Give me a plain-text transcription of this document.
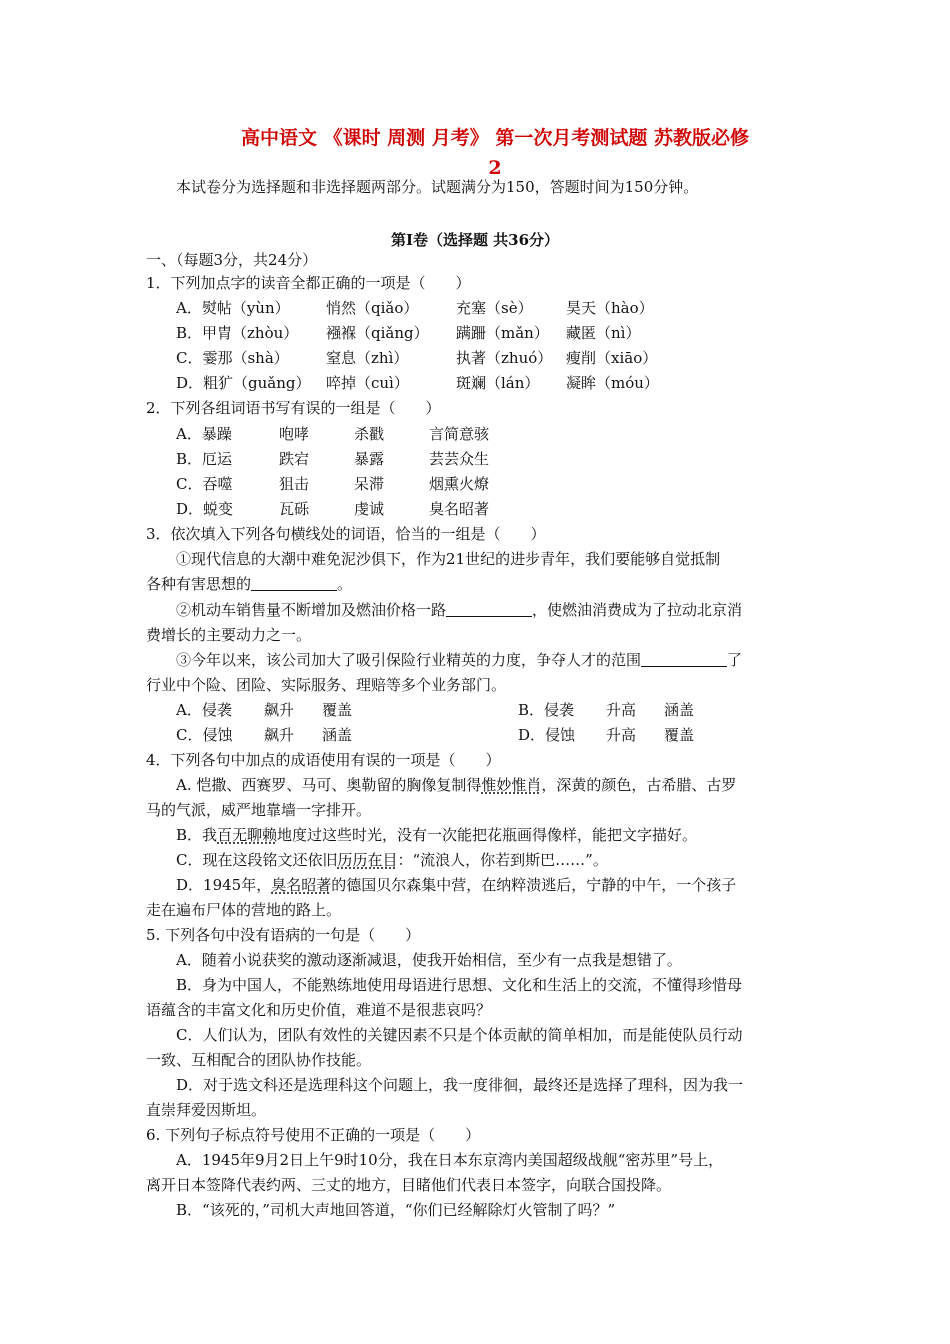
高中语文 《课时 周测 月考》 第一次月考测试题 苏教版必修
2
本试卷分为选择题和非选择题两部分。试题满分为150，答题时间为150分钟。
第Ⅰ卷（选择题 共36分）
一、（每题3分，共24分）
1．下列加点字的读音全都正确的一项是（　　）
A．熨帖（yùn） 悄然（qiǎo）	充塞（sè） 昊天（hào）
B．甲胄（zhòu） 襁褓（qiǎng） 蹒跚（mǎn） 藏匿（nì）
C．霎那（shà） 窒息（zhì）	执著（zhuó） 瘦削（xiāo）
D．粗犷（guǎng） 啐掉（cuì）	斑斓（lán） 凝眸（móu）
2．下列各组词语书写有误的一组是（　　）
A．暴躁	咆哮	杀戳	言简意骇
B．厄运	跌宕	暴露	芸芸众生
C．吞噬	狙击	呆滞	烟熏火燎
D．蜕变	瓦砾	虔诚	臭名昭著
3．依次填入下列各句横线处的词语，恰当的一组是（　　）
①现代信息的大潮中难免泥沙俱下，作为21世纪的进步青年，我们要能够自觉抵制
各种有害思想的	。
②机动车销售量不断增加及燃油价格一路	，使燃油消费成为了拉动北京消
费增长的主要动力之一。
③今年以来，该公司加大了吸引保险行业精英的力度，争夺人才的范围	了
行业中个险、团险、实际服务、理赔等多个业务部门。
A．侵袭 飙升 覆盖	B．侵袭 升高 涵盖
C．侵蚀 飙升 涵盖	D．侵蚀 升高 覆盖
4．下列各句中加点的成语使用有误的一项是（　　）
A. 恺撒、西赛罗、马可、奥勒留的胸像复制得惟妙惟肖，深黄的颜色，古希腊、古罗
马的气派，威严地靠墙一字排开。
B．我百无聊赖地度过这些时光，没有一次能把花瓶画得像样，能把文字描好。
C．现在这段铭文还依旧历历在目：“流浪人，你若到斯巴……”。
D．1945年，臭名昭著的德国贝尔森集中营，在纳粹溃逃后，宁静的中午，一个孩子
走在遍布尸体的营地的路上。
5. 下列各句中没有语病的一句是（　　）
A．随着小说获奖的激动逐渐减退，使我开始相信，至少有一点我是想错了。
B．身为中国人，不能熟练地使用母语进行思想、文化和生活上的交流，不懂得珍惜母
语蕴含的丰富文化和历史价值，难道不是很悲哀吗？
C．人们认为，团队有效性的关键因素不只是个体贡献的简单相加，而是能使队员行动
一致、互相配合的团队协作技能。
D．对于选文科还是选理科这个问题上，我一度徘徊，最终还是选择了理科，因为我一
直崇拜爱因斯坦。
6. 下列句子标点符号使用不正确的一项是（　　）
A．1945年9月2日上午9时10分，我在日本东京湾内美国超级战舰“密苏里”号上，
离开日本签降代表约两、三丈的地方，目睹他们代表日本签字，向联合国投降。
B．“该死的，”司机大声地回答道，“你们已经解除灯火管制了吗？”
